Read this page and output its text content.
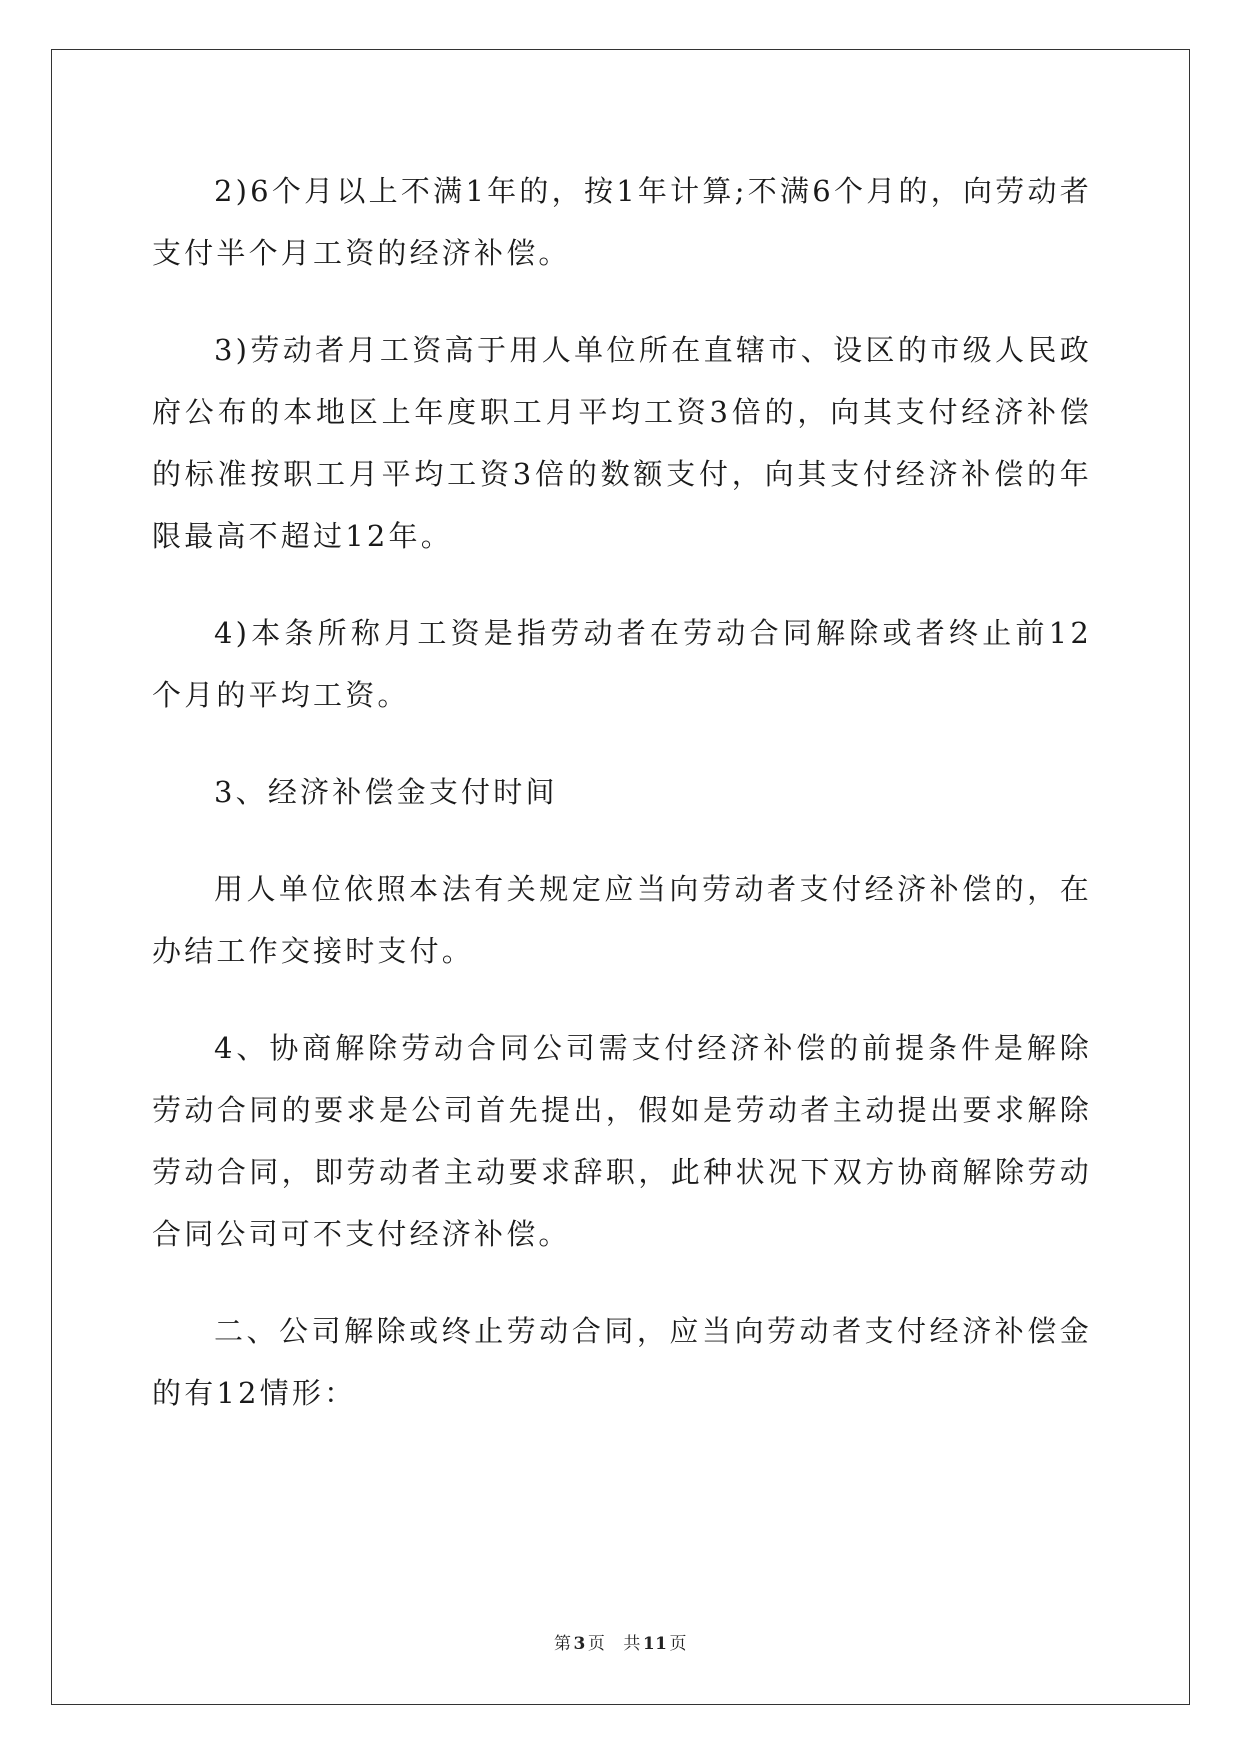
2)6个月以上不满1年的，按1年计算;不满6个月的，向劳动者支付半个月工资的经济补偿。

3)劳动者月工资高于用人单位所在直辖市、设区的市级人民政府公布的本地区上年度职工月平均工资3倍的，向其支付经济补偿的标准按职工月平均工资3倍的数额支付，向其支付经济补偿的年限最高不超过12年。

4)本条所称月工资是指劳动者在劳动合同解除或者终止前12个月的平均工资。

3、经济补偿金支付时间

用人单位依照本法有关规定应当向劳动者支付经济补偿的，在办结工作交接时支付。

4、协商解除劳动合同公司需支付经济补偿的前提条件是解除劳动合同的要求是公司首先提出，假如是劳动者主动提出要求解除劳动合同，即劳动者主动要求辞职，此种状况下双方协商解除劳动合同公司可不支付经济补偿。

二、公司解除或终止劳动合同，应当向劳动者支付经济补偿金的有12情形：

第 3 页 共 11 页
